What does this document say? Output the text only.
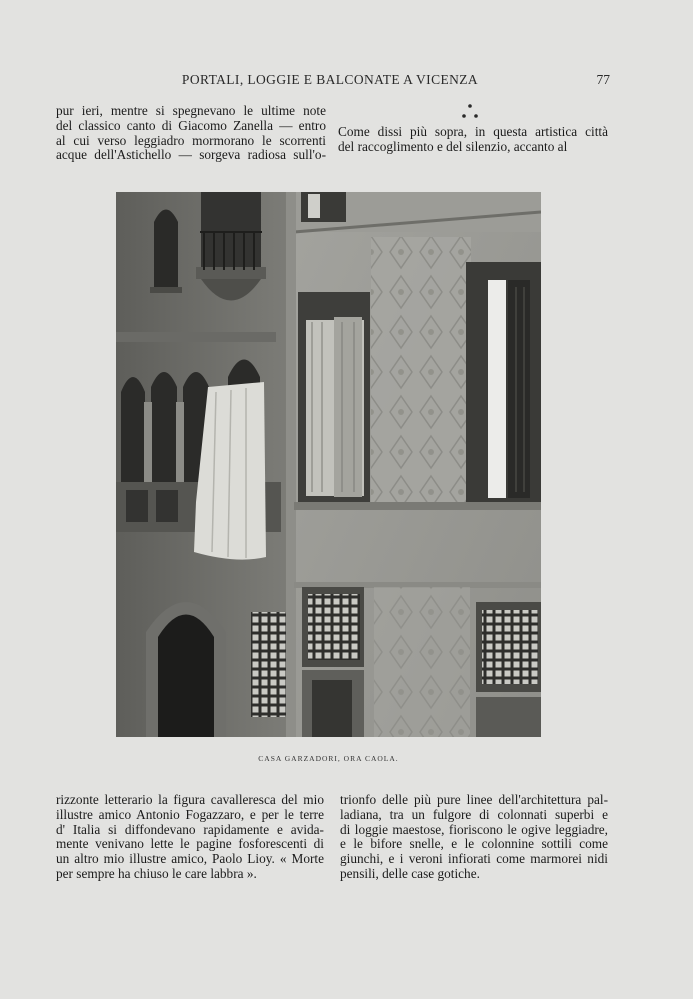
PORTALI, LOGGIE E BALCONATE A VICENZA	77
pur ieri, mentre si spegnevano le ultime note
del classico canto di Giacomo Zanella — entro
al cui verso leggiadro mormorano le scorrenti
acque dell'Astichello — sorgeva radiosa sull'o-
Come dissi più sopra, in questa artistica città
del raccoglimento e del silenzio, accanto al
CASA GARZADORI, ORA CAOLA.
rizzonte letterario la figura cavalleresca del mio
illustre amico Antonio Fogazzaro, e per le terre
d' Italia si diffondevano rapidamente e avida-
mente venivano lette le pagine fosforescenti di
un altro mio illustre amico, Paolo Lioy. « Morte
per sempre ha chiuso le care labbra ».
trionfo delle più pure linee dell'architettura pal-
ladiana, tra un fulgore di colonnati superbi e
di loggie maestose, fioriscono le ogive leggiadre,
e le bifore snelle, e le colonnine sottili come
giunchi, e i veroni infiorati come marmorei nidi
pensili, delle case gotiche.
